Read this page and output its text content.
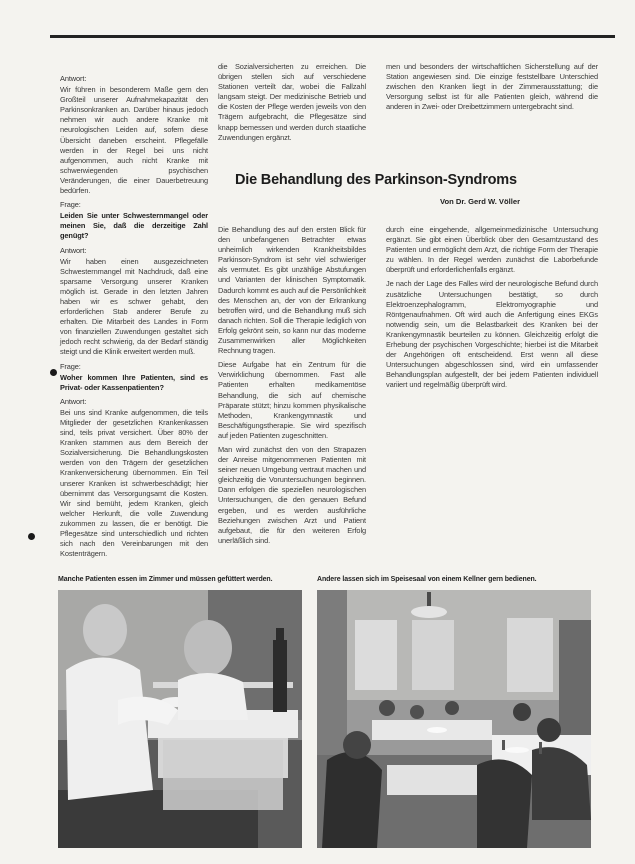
Antwort:

Wir führen in besonderem Maße gern den Großteil unserer Aufnahmekapazität den Parkinsonkranken an. Darüber hinaus jedoch nehmen wir auch andere Kranke mit neurologischen Leiden auf, sofern diese Übersicht daneben erscheint. Pflegefälle werden in der Regel bei uns nicht aufgenommen, auch nicht Kranke mit schwerwiegenden psychischen Veränderungen, die einer Dauerbetreuung bedürfen.

Frage:
Leiden Sie unter Schwesternmangel oder meinen Sie, daß die derzeitige Zahl genügt?
Antwort:

Wir haben einen ausgezeichneten Schwesternmangel mit Nachdruck, daß eine sparsame Versorgung unserer Kranken möglich ist. Gerade in den letzten Jahren haben wir es schwer gehabt, den erforderlichen Stab anderer Berufe zu erhalten. Die Mitarbeit des Landes in Form von finanziellen Zuwendungen gestaltet sich jedoch recht schwierig, da der Bedarf ständig steigt und die Klinik erweitert werden muß.

Frage:
Woher kommen Ihre Patienten, sind es Privat- oder Kassenpatienten?
Antwort:

Bei uns sind Kranke aufgenommen, die teils Mitglieder der gesetzlichen Krankenkassen sind, teils privat versichert. Über 80% der Kranken stammen aus dem Bereich der Sozialversicherung. Die Behandlungskosten werden von den Trägern der gesetzlichen Krankenversicherung übernommen. Ein Teil unserer Kranken ist schwerbeschädigt; hier übernimmt das Versorgungsamt die Kosten. Wir sind bemüht, jedem Kranken, gleich welcher Herkunft, die volle Zuwendung zukommen zu lassen, die er benötigt. Die Pflegesätze sind unterschiedlich und richten sich nach den Vereinbarungen mit den Kostenträgern.

die Sozialversicherten zu erreichen. Die übrigen stellen sich auf verschiedene Stationen verteilt dar, wobei die Fallzahl langsam steigt. Der medizinische Betrieb und die Kosten der Pflege werden jeweils von den Trägern aufgebracht, die Pflegesätze sind knapp bemessen und werden durch staatliche Zuwendungen ergänzt.

men und besonders der wirtschaftlichen Sicherstellung auf der Station angewiesen sind. Die einzige feststellbare Unterschied zwischen den Kranken liegt in der Zimmerausstattung; die Versorgung selbst ist für alle Patienten gleich, während die anderen in Zwei- oder Dreibettzimmern untergebracht sind.

Die Behandlung des Parkinson-Syndroms
Von Dr. Gerd W. Völler

Die Behandlung des auf den ersten Blick für den unbefangenen Betrachter etwas unheimlich wirkenden Krankheitsbildes Parkinson-Syndrom ist sehr viel schwieriger als vermutet. Es gibt unzählige Abstufungen und Varianten der klinischen Symptomatik. Dadurch kommt es auch auf die Persönlichkeit des Menschen an, der von der Erkrankung betroffen wird, und die Behandlung muß sich danach richten. Soll die Therapie lediglich von Erfolg gekrönt sein, so kann nur das moderne Zusammenwirken aller Möglichkeiten Rechnung tragen.

Diese Aufgabe hat ein Zentrum für die Verwirklichung übernommen. Fast alle Patienten erhalten medikamentöse Behandlung, die sich auf chemische Präparate stützt; hinzu kommen physikalische Methoden, Krankengymnastik und Beschäftigungstherapie. Sie wird spezifisch auf jeden Patienten zugeschnitten.

Man wird zunächst den von den Strapazen der Anreise mitgenommenen Patienten mit seiner neuen Umgebung vertraut machen und gleichzeitig die Voruntersuchungen beginnen. Dann erfolgen die speziellen neurologischen Untersuchungen, die den genauen Befund ergeben, und es werden ausführliche Beziehungen zwischen Arzt und Patient aufgebaut, die für den weiteren Erfolg unerläßlich sind.

durch eine eingehende, allgemeinmedizinische Untersuchung ergänzt. Sie gibt einen Überblick über den Gesamtzustand des Patienten und ermöglicht dem Arzt, die richtige Form der Therapie zu wählen. In der Regel werden zunächst die Laborbefunde überprüft und erforderlichenfalls ergänzt.

Je nach der Lage des Falles wird der neurologische Befund durch zusätzliche Untersuchungen bestätigt, so durch Elektroenzephalogramm, Elektromyographie und Röntgenaufnahmen. Oft wird auch die Anfertigung eines EKGs notwendig sein, um die Belastbarkeit des Kranken bei der Krankengymnastik beurteilen zu können. Gleichzeitig erfolgt die Erhebung der psychischen Vorgeschichte; hierbei ist die Mitarbeit der Angehörigen oft entscheidend. Erst wenn all diese Untersuchungen abgeschlossen sind, wird ein umfassender Behandlungsplan aufgestellt, der bei jedem Patienten individuell variiert und regelmäßig überprüft wird.

Manche Patienten essen im Zimmer und müssen gefüttert werden.	Andere lassen sich im Speisesaal von einem Kellner gern bedienen.
